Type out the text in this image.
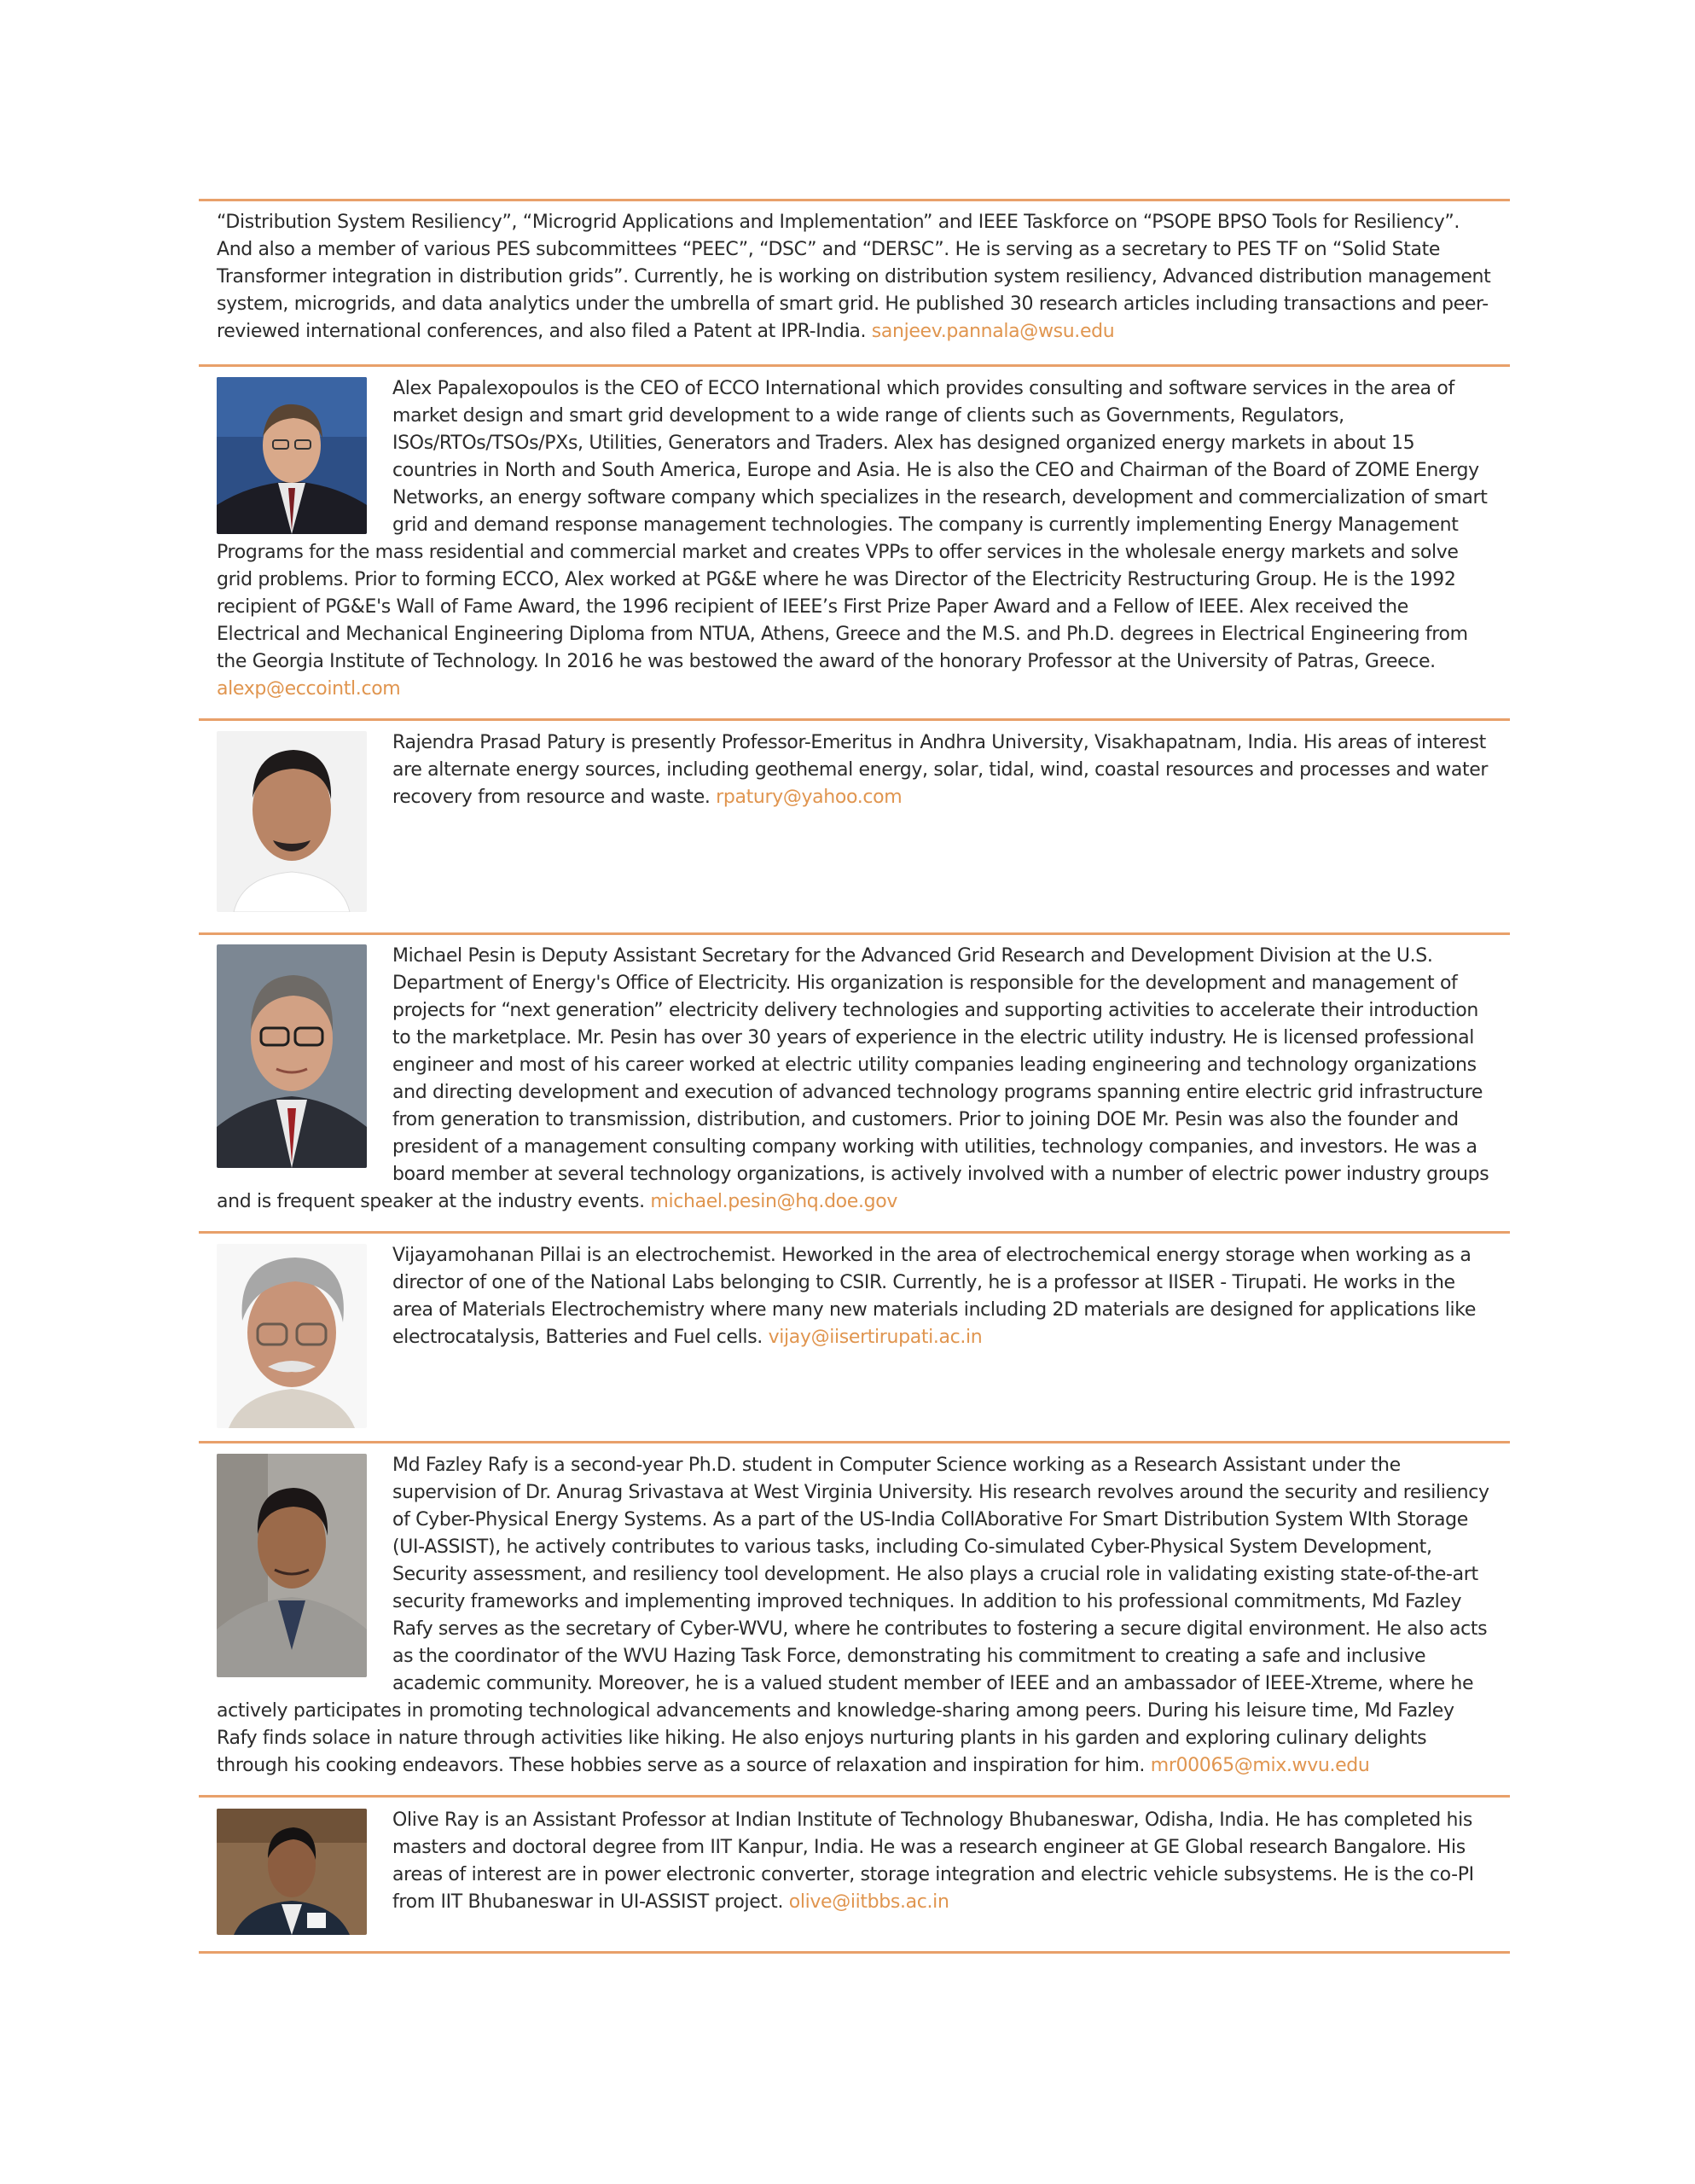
“Distribution System Resiliency”, “Microgrid Applications and Implementation” and IEEE Taskforce on “PSOPE BPSO Tools for Resiliency”. And also a member of various PES subcommittees “PEEC”, “DSC” and “DERSC”. He is serving as a secretary to PES TF on “Solid State Transformer integration in distribution grids”. Currently, he is working on distribution system resiliency, Advanced distribution management system, microgrids, and data analytics under the umbrella of smart grid. He published 30 research articles including transactions and peer-reviewed international conferences, and also filed a Patent at IPR-India. sanjeev.pannala@wsu.edu

Alex Papalexopoulos is the CEO of ECCO International which provides consulting and software services in the area of market design and smart grid development to a wide range of clients such as Governments, Regulators, ISOs/RTOs/TSOs/PXs, Utilities, Generators and Traders. Alex has designed organized energy markets in about 15 countries in North and South America, Europe and Asia. He is also the CEO and Chairman of the Board of ZOME Energy Networks, an energy software company which specializes in the research, development and commercialization of smart grid and demand response management technologies. The company is currently implementing Energy Management Programs for the mass residential and commercial market and creates VPPs to offer services in the wholesale energy markets and solve grid problems. Prior to forming ECCO, Alex worked at PG&E where he was Director of the Electricity Restructuring Group. He is the 1992 recipient of PG&E's Wall of Fame Award, the 1996 recipient of IEEE’s First Prize Paper Award and a Fellow of IEEE. Alex received the Electrical and Mechanical Engineering Diploma from NTUA, Athens, Greece and the M.S. and Ph.D. degrees in Electrical Engineering from the Georgia Institute of Technology. In 2016 he was bestowed the award of the honorary Professor at the University of Patras, Greece. alexp@eccointl.com

Rajendra Prasad Patury is presently Professor-Emeritus in Andhra University, Visakhapatnam, India. His areas of interest are alternate energy sources, including geothemal energy, solar, tidal, wind, coastal resources and processes and water recovery from resource and waste. rpatury@yahoo.com

Michael Pesin is Deputy Assistant Secretary for the Advanced Grid Research and Development Division at the U.S. Department of Energy's Office of Electricity. His organization is responsible for the development and management of projects for “next generation” electricity delivery technologies and supporting activities to accelerate their introduction to the marketplace. Mr. Pesin has over 30 years of experience in the electric utility industry. He is licensed professional engineer and most of his career worked at electric utility companies leading engineering and technology organizations and directing development and execution of advanced technology programs spanning entire electric grid infrastructure from generation to transmission, distribution, and customers. Prior to joining DOE Mr. Pesin was also the founder and president of a management consulting company working with utilities, technology companies, and investors. He was a board member at several technology organizations, is actively involved with a number of electric power industry groups and is frequent speaker at the industry events. michael.pesin@hq.doe.gov

Vijayamohanan Pillai is an electrochemist. Heworked in the area of electrochemical energy storage when working as a director of one of the National Labs belonging to CSIR. Currently, he is a professor at IISER - Tirupati. He works in the area of Materials Electrochemistry where many new materials including 2D materials are designed for applications like electrocatalysis, Batteries and Fuel cells. vijay@iisertirupati.ac.in

Md Fazley Rafy is a second-year Ph.D. student in Computer Science working as a Research Assistant under the supervision of Dr. Anurag Srivastava at West Virginia University. His research revolves around the security and resiliency of Cyber-Physical Energy Systems. As a part of the US-India CollAborative For Smart Distribution System WIth Storage (UI-ASSIST), he actively contributes to various tasks, including Co-simulated Cyber-Physical System Development, Security assessment, and resiliency tool development. He also plays a crucial role in validating existing state-of-the-art security frameworks and implementing improved techniques. In addition to his professional commitments, Md Fazley Rafy serves as the secretary of Cyber-WVU, where he contributes to fostering a secure digital environment. He also acts as the coordinator of the WVU Hazing Task Force, demonstrating his commitment to creating a safe and inclusive academic community. Moreover, he is a valued student member of IEEE and an ambassador of IEEE-Xtreme, where he actively participates in promoting technological advancements and knowledge-sharing among peers. During his leisure time, Md Fazley Rafy finds solace in nature through activities like hiking. He also enjoys nurturing plants in his garden and exploring culinary delights through his cooking endeavors. These hobbies serve as a source of relaxation and inspiration for him. mr00065@mix.wvu.edu

Olive Ray is an Assistant Professor at Indian Institute of Technology Bhubaneswar, Odisha, India. He has completed his masters and doctoral degree from IIT Kanpur, India. He was a research engineer at GE Global research Bangalore. His areas of interest are in power electronic converter, storage integration and electric vehicle subsystems. He is the co-PI from IIT Bhubaneswar in UI-ASSIST project. olive@iitbbs.ac.in
